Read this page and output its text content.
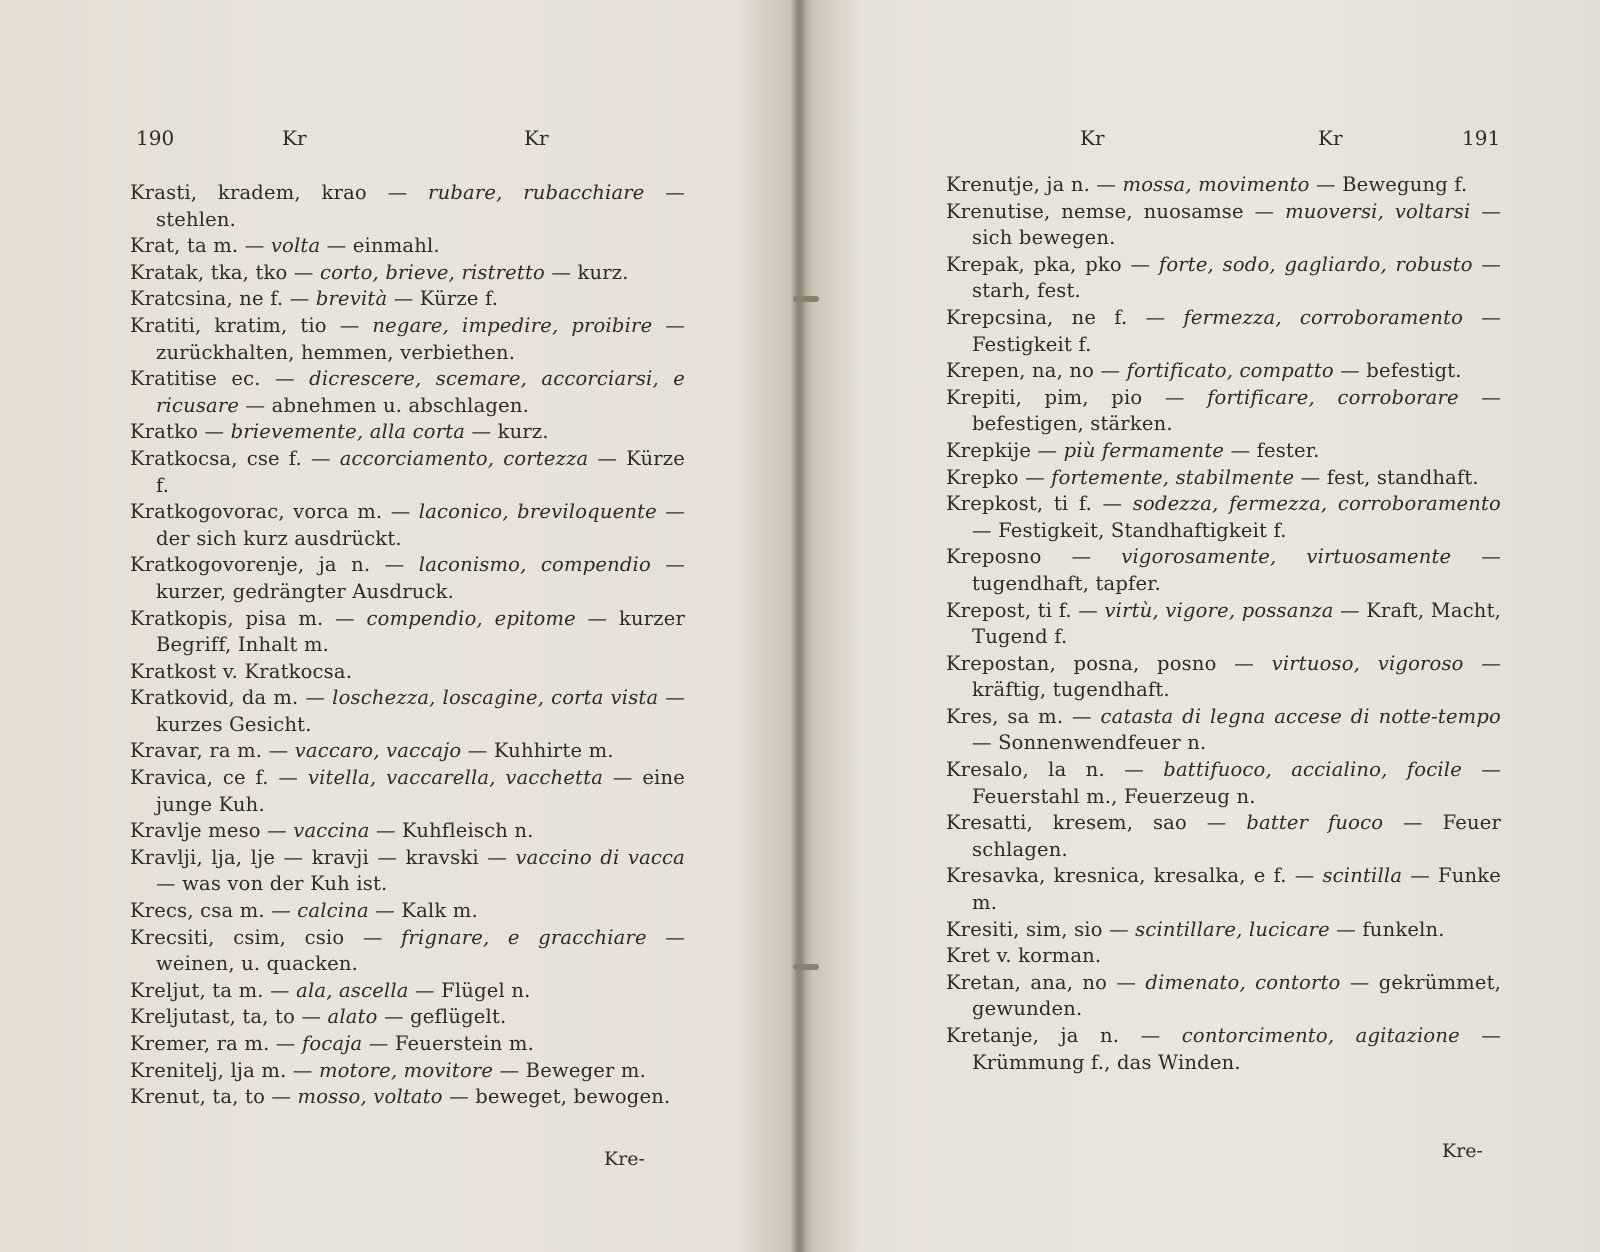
190	Kr	Kr
Krasti, kradem, krao — rubare, rubacchiare — stehlen.
Krat, ta m. — volta — einmahl.
Kratak, tka, tko — corto, brieve, ristretto — kurz.
Kratcsina, ne f. — brevità — Kürze f.
Kratiti, kratim, tio — negare, impedire, proibire — zurückhalten, hemmen, verbiethen.
Kratitise ec. — dicrescere, scemare, accorciarsi, e ricusare — abnehmen u. abschlagen.
Kratko — brievemente, alla corta — kurz.
Kratkocsa, cse f. — accorciamento, cortezza — Kürze f.
Kratkogovorac, vorca m. — laconico, breviloquente — der sich kurz ausdrückt.
Kratkogovorenje, ja n. — laconismo, compendio — kurzer, gedrängter Ausdruck.
Kratkopis, pisa m. — compendio, epitome — kurzer Begriff, Inhalt m.
Kratkost v. Kratkocsa.
Kratkovid, da m. — loschezza, loscagine, corta vista — kurzes Gesicht.
Kravar, ra m. — vaccaro, vaccajo — Kuhhirte m.
Kravica, ce f. — vitella, vaccarella, vacchetta — eine junge Kuh.
Kravlje meso — vaccina — Kuhfleisch n.
Kravlji, lja, lje — kravji — kravski — vaccino di vacca — was von der Kuh ist.
Krecs, csa m. — calcina — Kalk m.
Krecsiti, csim, csio — frignare, e gracchiare — weinen, u. quacken.
Kreljut, ta m. — ala, ascella — Flügel n.
Kreljutast, ta, to — alato — geflügelt.
Kremer, ra m. — focaja — Feuerstein m.
Krenitelj, lja m. — motore, movitore — Beweger m.
Krenut, ta, to — mosso, voltato — beweget, bewogen.
Kre-
Kr	Kr	191
Krenutje, ja n. — mossa, movimento — Bewegung f.
Krenutise, nemse, nuosamse — muoversi, voltarsi — sich bewegen.
Krepak, pka, pko — forte, sodo, gagliardo, robusto — starh, fest.
Krepcsina, ne f. — fermezza, corroboramento — Festigkeit f.
Krepen, na, no — fortificato, compatto — befestigt.
Krepiti, pim, pio — fortificare, corroborare — befestigen, stärken.
Krepkije — più fermamente — fester.
Krepko — fortemente, stabilmente — fest, standhaft.
Krepkost, ti f. — sodezza, fermezza, corroboramento — Festigkeit, Standhaftigkeit f.
Kreposno — vigorosamente, virtuosamente — tugendhaft, tapfer.
Krepost, ti f. — virtù, vigore, possanza — Kraft, Macht, Tugend f.
Krepostan, posna, posno — virtuoso, vigoroso — kräftig, tugendhaft.
Kres, sa m. — catasta di legna accese di notte-tempo — Sonnenwendfeuer n.
Kresalo, la n. — battifuoco, accialino, focile — Feuerstahl m., Feuerzeug n.
Kresatti, kresem, sao — batter fuoco — Feuer schlagen.
Kresavka, kresnica, kresalka, e f. — scintilla — Funke m.
Kresiti, sim, sio — scintillare, lucicare — funkeln.
Kret v. korman.
Kretan, ana, no — dimenato, contorto — gekrümmet, gewunden.
Kretanje, ja n. — contorcimento, agitazione — Krümmung f., das Winden.
Kre-
